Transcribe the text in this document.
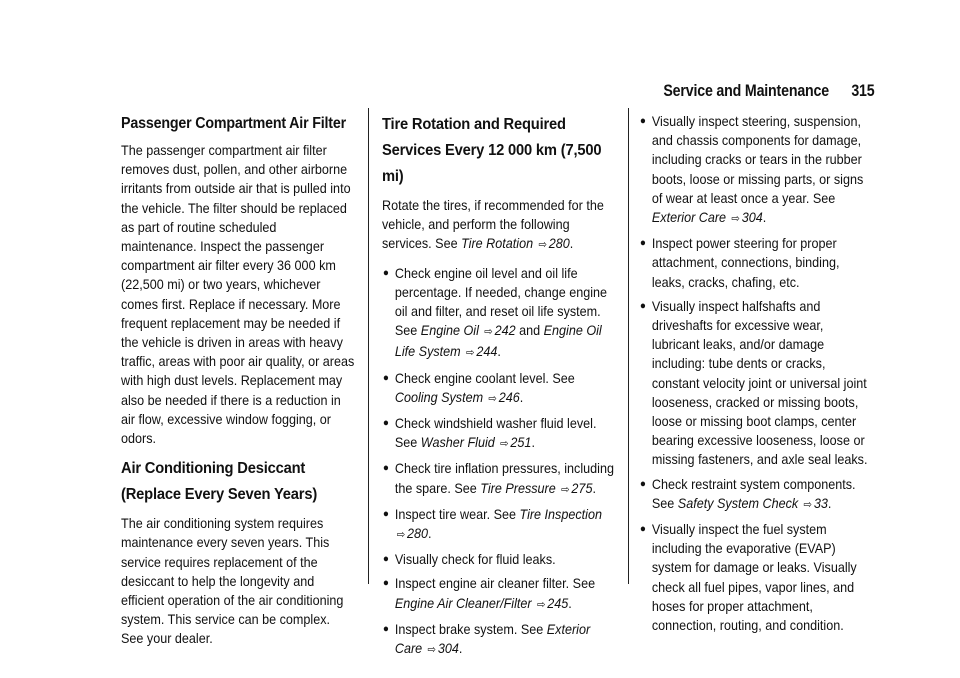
Service and Maintenance 315
Passenger Compartment Air Filter

The passenger compartment air filter removes dust, pollen, and other airborne irritants from outside air that is pulled into the vehicle. The filter should be replaced as part of routine scheduled maintenance. Inspect the passenger compartment air filter every 36 000 km (22,500 mi) or two years, whichever comes first. Replace if necessary. More frequent replacement may be needed if the vehicle is driven in areas with heavy traffic, areas with poor air quality, or areas with high dust levels. Replacement may also be needed if there is a reduction in air flow, excessive window fogging, or odors.

Air Conditioning Desiccant (Replace Every Seven Years)

The air conditioning system requires maintenance every seven years. This service requires replacement of the desiccant to help the longevity and efficient operation of the air conditioning system. This service can be complex. See your dealer.

Tire Rotation and Required Services Every 12 000 km (7,500 mi)

Rotate the tires, if recommended for the vehicle, and perform the following services. See Tire Rotation ⇨ 280.

● Check engine oil level and oil life percentage. If needed, change engine oil and filter, and reset oil life system. See Engine Oil ⇨ 242 and Engine Oil Life System ⇨ 244.
● Check engine coolant level. See Cooling System ⇨ 246.
● Check windshield washer fluid level. See Washer Fluid ⇨ 251.
● Check tire inflation pressures, including the spare. See Tire Pressure ⇨ 275.
● Inspect tire wear. See Tire Inspection ⇨ 280.
● Visually check for fluid leaks.
● Inspect engine air cleaner filter. See Engine Air Cleaner/Filter ⇨ 245.
● Inspect brake system. See Exterior Care ⇨ 304.
● Visually inspect steering, suspension, and chassis components for damage, including cracks or tears in the rubber boots, loose or missing parts, or signs of wear at least once a year. See Exterior Care ⇨ 304.
● Inspect power steering for proper attachment, connections, binding, leaks, cracks, chafing, etc.
● Visually inspect halfshafts and driveshafts for excessive wear, lubricant leaks, and/or damage including: tube dents or cracks, constant velocity joint or universal joint looseness, cracked or missing boots, loose or missing boot clamps, center bearing excessive looseness, loose or missing fasteners, and axle seal leaks.
● Check restraint system components. See Safety System Check ⇨ 33.
● Visually inspect the fuel system including the evaporative (EVAP) system for damage or leaks. Visually check all fuel pipes, vapor lines, and hoses for proper attachment, connection, routing, and condition.
